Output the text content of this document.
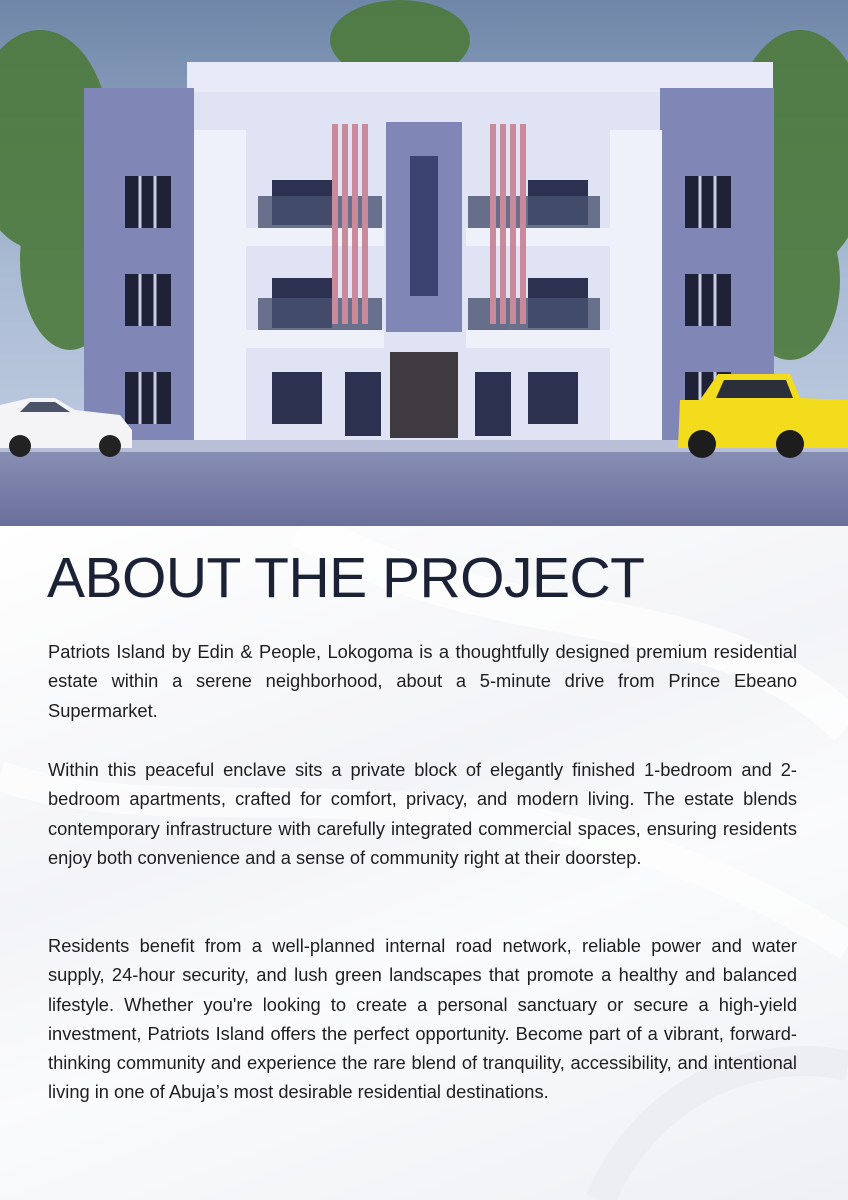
ABOUT THE PROJECT

Patriots Island by Edin & People, Lokogoma is a thoughtfully designed premium residential estate within a serene neighborhood, about a 5-minute drive from Prince Ebeano Supermarket.

Within this peaceful enclave sits a private block of elegantly finished 1-bedroom and 2-bedroom apartments, crafted for comfort, privacy, and modern living. The estate blends contemporary infrastructure with carefully integrated commercial spaces, ensuring residents enjoy both convenience and a sense of community right at their doorstep.

Residents benefit from a well-planned internal road network, reliable power and water supply, 24-hour security, and lush green landscapes that promote a healthy and balanced lifestyle. Whether you're looking to create a personal sanctuary or secure a high-yield investment, Patriots Island offers the perfect opportunity. Become part of a vibrant, forward-thinking community and experience the rare blend of tranquility, accessibility, and intentional living in one of Abuja’s most desirable residential destinations.
